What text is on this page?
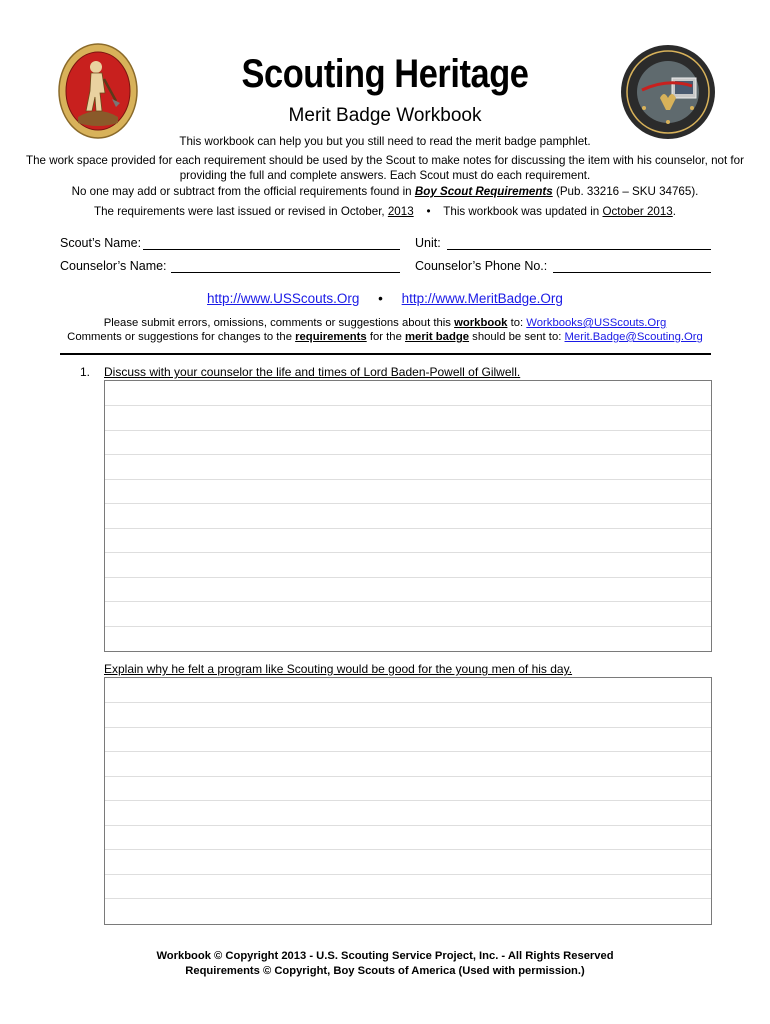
Scouting Heritage
Merit Badge Workbook
This workbook can help you but you still need to read the merit badge pamphlet.
The work space provided for each requirement should be used by the Scout to make notes for discussing the item with his counselor, not for
providing the full and complete answers. Each Scout must do each requirement.
No one may add or subtract from the official requirements found in Boy Scout Requirements (Pub. 33216 – SKU 34765).
The requirements were last issued or revised in October, 2013 • This workbook was updated in October 2013.
Scout’s Name:	Unit:
Counselor’s Name:	Counselor’s Phone No.:
http://www.USScouts.Org • http://www.MeritBadge.Org
Please submit errors, omissions, comments or suggestions about this workbook to: Workbooks@USScouts.Org
Comments or suggestions for changes to the requirements for the merit badge should be sent to: Merit.Badge@Scouting.Org
1. Discuss with your counselor the life and times of Lord Baden-Powell of Gilwell.
Explain why he felt a program like Scouting would be good for the young men of his day.
Workbook © Copyright 2013 - U.S. Scouting Service Project, Inc. - All Rights Reserved
Requirements © Copyright, Boy Scouts of America (Used with permission.)
